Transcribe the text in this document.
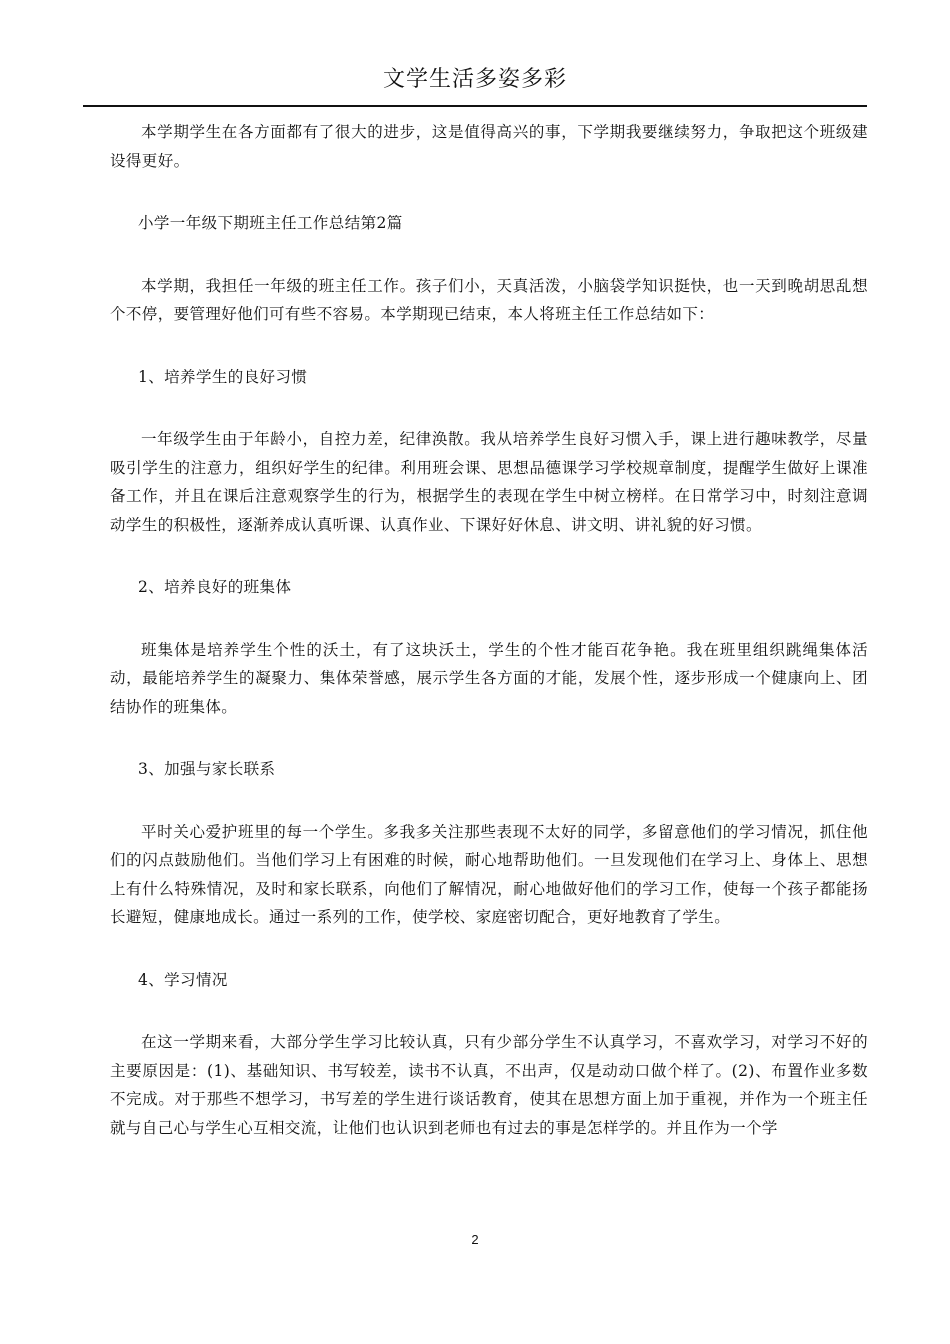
文学生活多姿多彩

本学期学生在各方面都有了很大的进步，这是值得高兴的事，下学期我要继续努力，争取把这个班级建设得更好。

小学一年级下期班主任工作总结第2篇

本学期，我担任一年级的班主任工作。孩子们小，天真活泼，小脑袋学知识挺快，也一天到晚胡思乱想个不停，要管理好他们可有些不容易。本学期现已结束，本人将班主任工作总结如下：

1、培养学生的良好习惯

一年级学生由于年龄小，自控力差，纪律涣散。我从培养学生良好习惯入手，课上进行趣味教学，尽量吸引学生的注意力，组织好学生的纪律。利用班会课、思想品德课学习学校规章制度，提醒学生做好上课准备工作，并且在课后注意观察学生的行为，根据学生的表现在学生中树立榜样。在日常学习中，时刻注意调动学生的积极性，逐渐养成认真听课、认真作业、下课好好休息、讲文明、讲礼貌的好习惯。

2、培养良好的班集体

班集体是培养学生个性的沃土，有了这块沃土，学生的个性才能百花争艳。我在班里组织跳绳集体活动，最能培养学生的凝聚力、集体荣誉感，展示学生各方面的才能，发展个性，逐步形成一个健康向上、团结协作的班集体。

3、加强与家长联系

平时关心爱护班里的每一个学生。多我多关注那些表现不太好的同学，多留意他们的学习情况，抓住他们的闪点鼓励他们。当他们学习上有困难的时候，耐心地帮助他们。一旦发现他们在学习上、身体上、思想上有什么特殊情况，及时和家长联系，向他们了解情况，耐心地做好他们的学习工作，使每一个孩子都能扬长避短，健康地成长。通过一系列的工作，使学校、家庭密切配合，更好地教育了学生。

4、学习情况

在这一学期来看，大部分学生学习比较认真，只有少部分学生不认真学习，不喜欢学习，对学习不好的主要原因是：(1)、基础知识、书写较差，读书不认真，不出声，仅是动动口做个样了。(2)、布置作业多数不完成。对于那些不想学习，书写差的学生进行谈话教育，使其在思想方面上加于重视，并作为一个班主任就与自己心与学生心互相交流，让他们也认识到老师也有过去的事是怎样学的。并且作为一个学

2
